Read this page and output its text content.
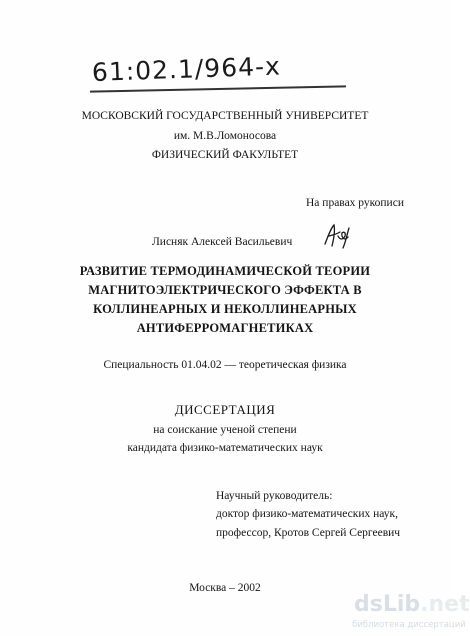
61:02.1/964-x
МОСКОВСКИЙ ГОСУДАРСТВЕННЫЙ УНИВЕРСИТЕТ
им. М.В.Ломоносова
ФИЗИЧЕСКИЙ ФАКУЛЬТЕТ
На правах рукописи
Лисняк Алексей Васильевич
РАЗВИТИЕ ТЕРМОДИНАМИЧЕСКОЙ ТЕОРИИ
МАГНИТОЭЛЕКТРИЧЕСКОГО ЭФФЕКТА В
КОЛЛИНЕАРНЫХ И НЕКОЛЛИНЕАРНЫХ
АНТИФЕРРОМАГНЕТИКАХ
Специальность 01.04.02 — теоретическая физика
ДИССЕРТАЦИЯ
на соискание ученой степени
кандидата физико-математических наук
Научный руководитель:
доктор физико-математических наук,
профессор, Кротов Сергей Сергеевич
Москва – 2002
dsLib.net
библиотека диссертаций
